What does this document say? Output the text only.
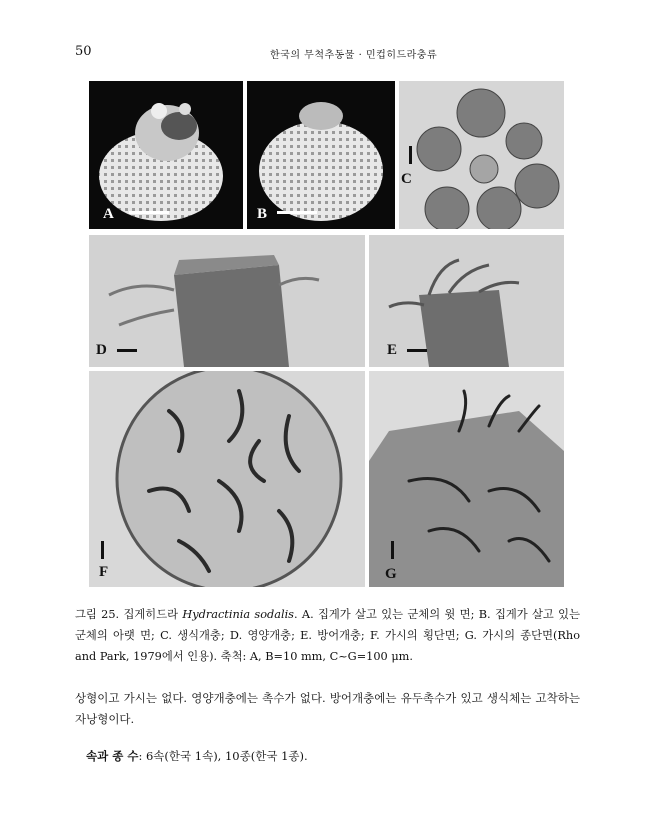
50	한국의 무척추동물 · 민컵히드라충류
A	B
C
D	E
F	G
그림 25. 집게히드라 Hydractinia sodalis. A. 집게가 살고 있는 군체의 윗 면; B. 집게가 살고 있는 군체의 아랫 면; C. 생식개충; D. 영양개충; E. 방어개충; F. 가시의 횡단면; G. 가시의 종단면(Rho and Park, 1979에서 인용). 축척: A, B=10 mm, C~G=100 μm.
상형이고 가시는 없다. 영양개충에는 촉수가 없다. 방어개충에는 유두촉수가 있고 생식체는 고착하는 자낭형이다.
속과 종 수: 6속(한국 1속), 10종(한국 1종).
